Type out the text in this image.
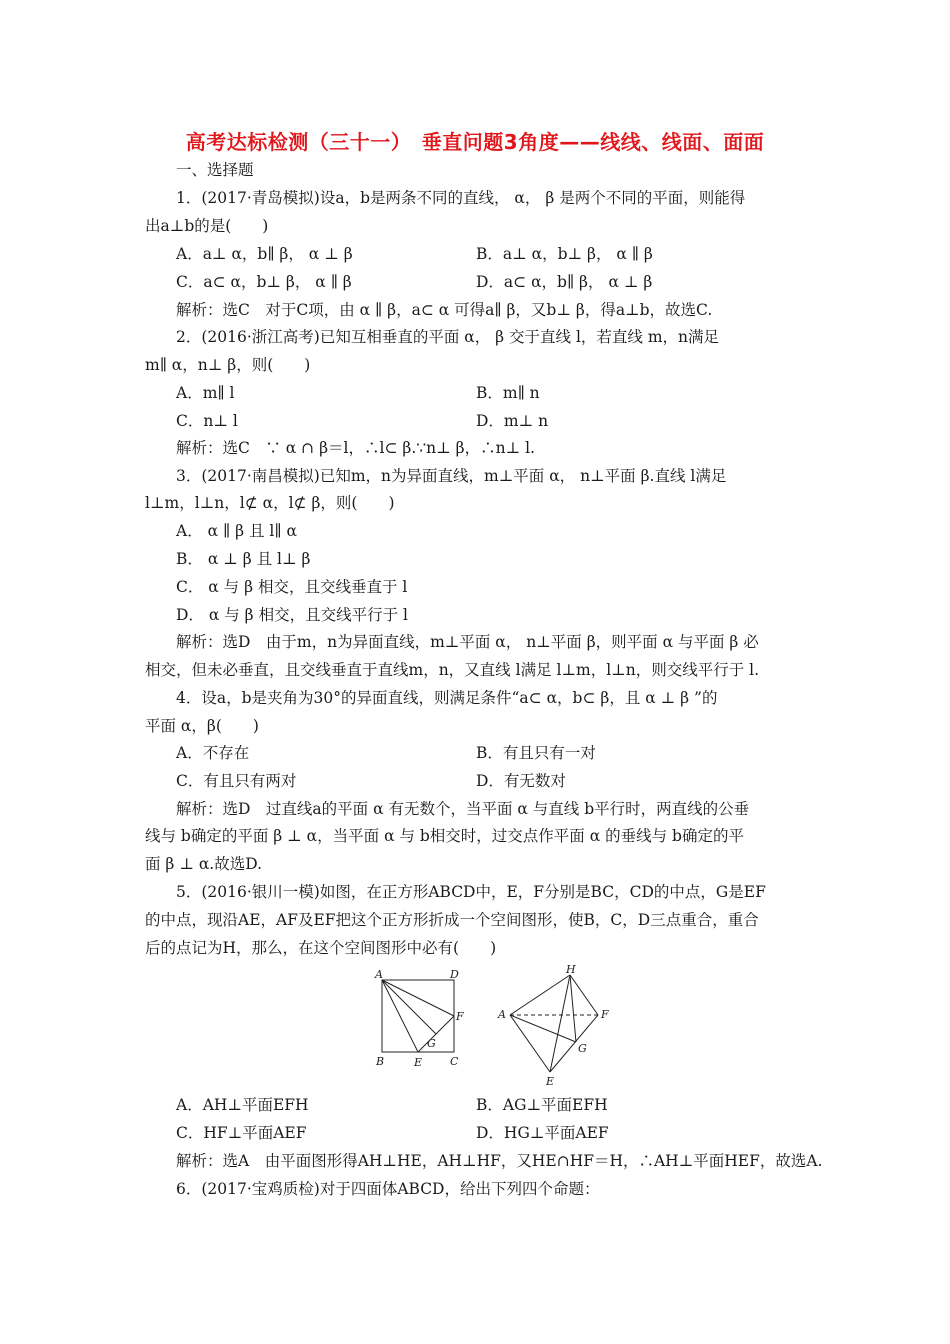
高考达标检测（三十一）　垂直问题3角度——线线、线面、面面
一、选择题
1．(2017·青岛模拟)设a，b是两条不同的直线， α， β 是两个不同的平面，则能得
出a⊥b的是(　　)
A．a⊥ α，b∥ β， α ⊥ β	B．a⊥ α，b⊥ β， α ∥ β
C．a⊂ α，b⊥ β， α ∥ β	D．a⊂ α，b∥ β， α ⊥ β
解析：选C　对于C项，由 α ∥ β，a⊂ α 可得a∥ β，又b⊥ β，得a⊥b，故选C.
2．(2016·浙江高考)已知互相垂直的平面 α， β 交于直线 l，若直线 m，n满足
m∥ α，n⊥ β，则(　　)
A．m∥ l	B．m∥ n
C．n⊥ l	D．m⊥ n
解析：选C　∵ α ∩ β＝l，∴l⊂ β.∵n⊥ β，∴n⊥ l.
3．(2017·南昌模拟)已知m，n为异面直线，m⊥平面 α， n⊥平面 β.直线 l满足
l⊥m，l⊥n，l⊄ α，l⊄ β，则(　　)
A． α ∥ β 且 l∥ α
B． α ⊥ β 且 l⊥ β
C． α 与 β 相交，且交线垂直于 l
D． α 与 β 相交，且交线平行于 l
解析：选D　由于m，n为异面直线，m⊥平面 α， n⊥平面 β，则平面 α 与平面 β 必
相交，但未必垂直，且交线垂直于直线m，n，又直线 l满足 l⊥m，l⊥n，则交线平行于 l.
4．设a，b是夹角为30°的异面直线，则满足条件“a⊂ α，b⊂ β，且 α ⊥ β ”的
平面 α，β(　　)
A．不存在	B．有且只有一对
C．有且只有两对	D．有无数对
解析：选D　过直线a的平面 α 有无数个，当平面 α 与直线 b平行时，两直线的公垂
线与 b确定的平面 β ⊥ α，当平面 α 与 b相交时，过交点作平面 α 的垂线与 b确定的平
面 β ⊥ α.故选D.
5．(2016·银川一模)如图，在正方形ABCD中，E，F分别是BC，CD的中点，G是EF
的中点，现沿AE，AF及EF把这个正方形折成一个空间图形，使B，C，D三点重合，重合
后的点记为H，那么，在这个空间图形中必有(　　)
A	D
B	C
E
F
G
H
A	F
G
E
A．AH⊥平面EFH	B．AG⊥平面EFH
C．HF⊥平面AEF	D．HG⊥平面AEF
解析：选A　由平面图形得AH⊥HE，AH⊥HF，又HE∩HF＝H，∴AH⊥平面HEF，故选A.
6．(2017·宝鸡质检)对于四面体ABCD，给出下列四个命题：
